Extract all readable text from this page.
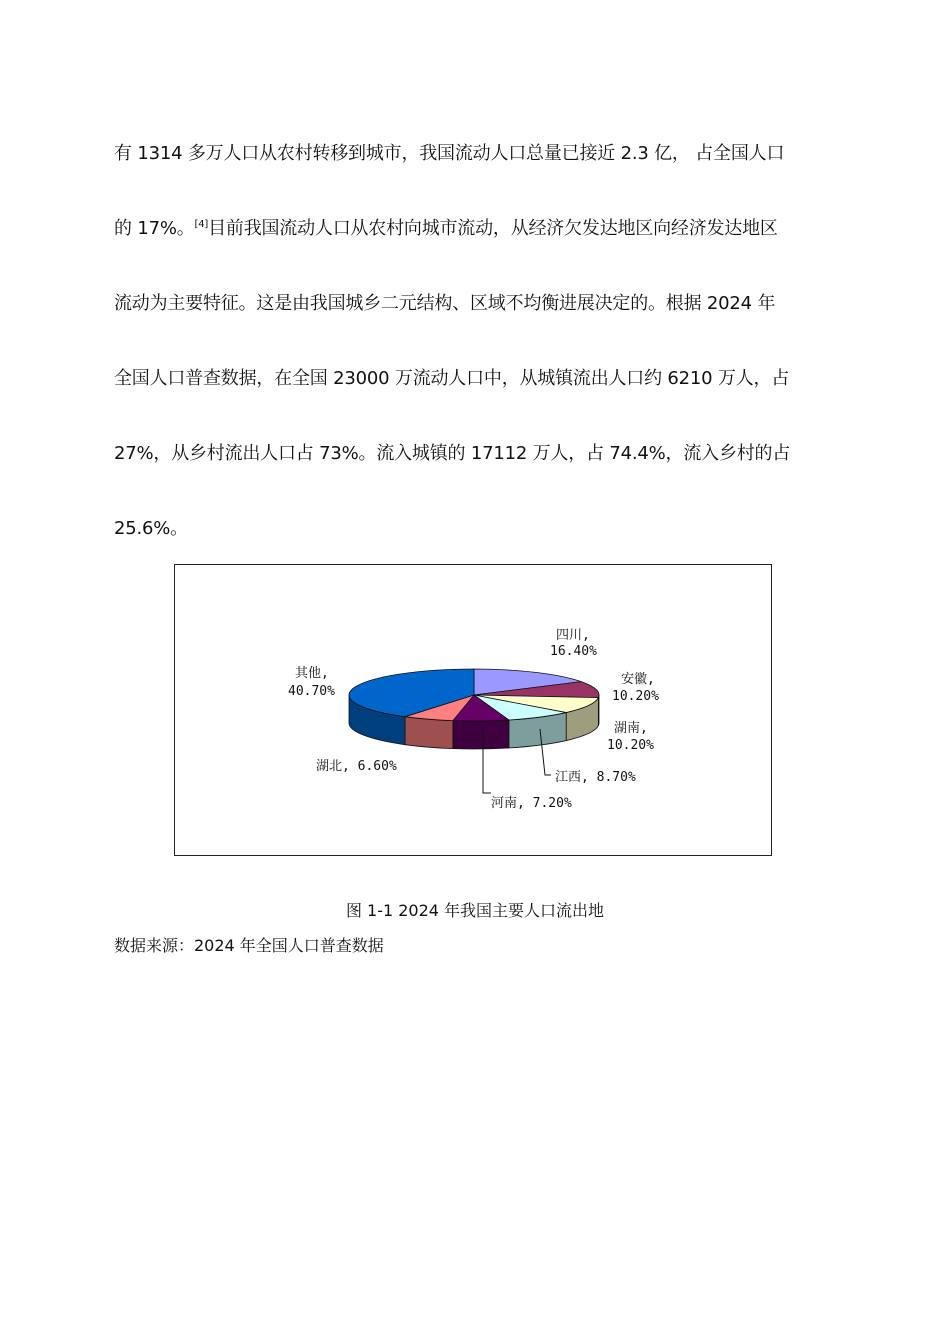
有 1314 多万人口从农村转移到城市，我国流动人口总量已接近 2.3 亿， 占全国人口
的 17%。[4]目前我国流动人口从农村向城市流动，从经济欠发达地区向经济发达地区
流动为主要特征。这是由我国城乡二元结构、区域不均衡进展决定的。根据 2024 年
全国人口普查数据，在全国 23000 万流动人口中，从城镇流出人口约 6210 万人，占
27%，从乡村流出人口占 73%。流入城镇的 17112 万人，占 74.4%，流入乡村的占
25.6%。
四川,
16.40%
安徽,
10.20%
湖南,
10.20%
江西, 8.70%
河南, 7.20%
湖北, 6.60%
其他,
40.70%
图 1-1 2024 年我国主要人口流出地
数据来源：2024 年全国人口普查数据
